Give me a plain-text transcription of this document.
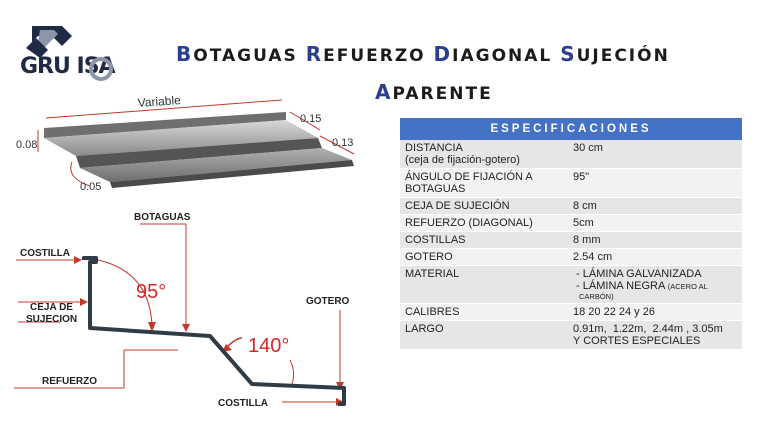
GRU ISA	BOTAGUAS REFUERZO DIAGONAL SUJECIÓN
APARENTE
Variable
0.15
0.13
0.08
0.05
BOTAGUAS
COSTILLA
CEJA DE
SUJECION
95°
140°
GOTERO
REFUERZO
COSTILLA
ESPECIFICACIONES	

DISTANCIA
(ceja de fijación-gotero)	30 cm

ÁNGULO DE FIJACIÓN A
BOTAGUAS	95"
CEJA DE SUJECIÓN	8 cm
REFUERZO (DIAGONAL)	5cm
COSTILLAS	8 mm
GOTERO	2.54 cm
MATERIAL	- LÁMINA GALVANIZADA
- LÁMINA NEGRA (ACERO AL
CARBÓN)

CALIBRES	18 20 22 24 y 26
LARGO	0.91m,  1.22m,  2.44m , 3.05m
Y CORTES ESPECIALES
